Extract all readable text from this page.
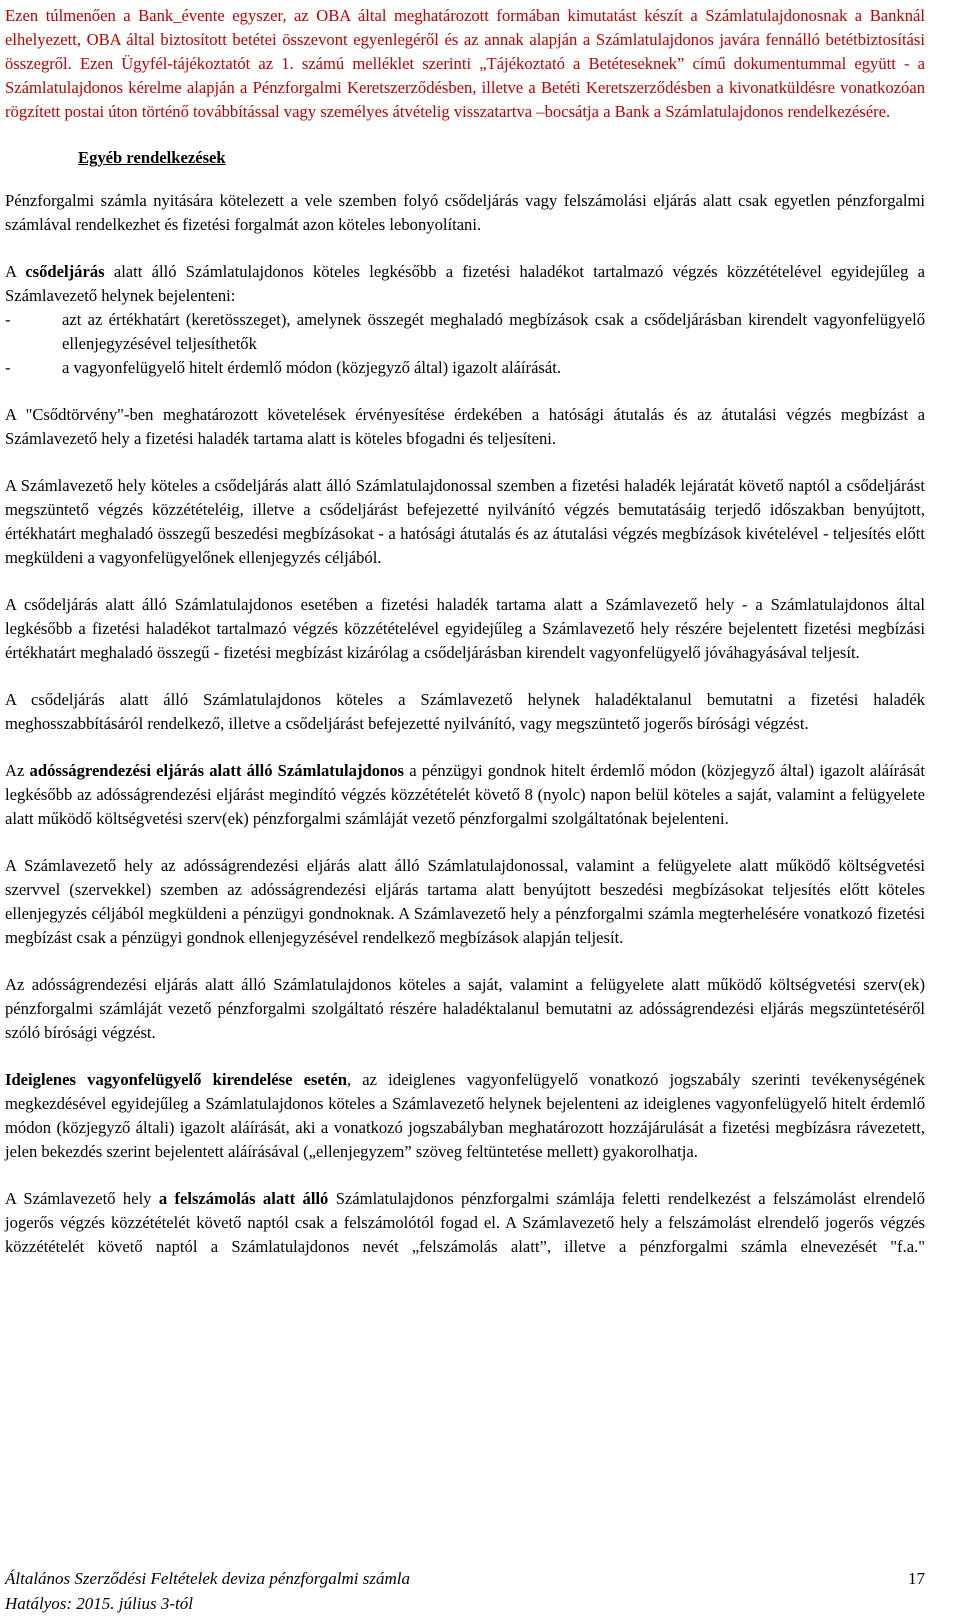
Ezen túlmenően a Bank_évente egyszer, az OBA által meghatározott formában kimutatást készít a Számlatulajdonosnak a Banknál elhelyezett, OBA által biztosított betétei összevont egyenlegéről és az annak alapján a Számlatulajdonos javára fennálló betétbiztosítási összegről. Ezen Ügyfél-tájékoztatót az 1. számú melléklet szerinti „Tájékoztató a Betéteseknek” című dokumentummal együtt - a Számlatulajdonos kérelme alapján a Pénzforgalmi Keretszerződésben, illetve a Betéti Keretszerződésben a kivonatküldésre vonatkozóan rögzített postai úton történő továbbítással vagy személyes átvételig visszatartva –bocsátja a Bank a Számlatulajdonos rendelkezésére.

Egyéb rendelkezések

Pénzforgalmi számla nyitására kötelezett a vele szemben folyó csődeljárás vagy felszámolási eljárás alatt csak egyetlen pénzforgalmi számlával rendelkezhet és fizetési forgalmát azon köteles lebonyolítani.

A csődeljárás alatt álló Számlatulajdonos köteles legkésőbb a fizetési haladékot tartalmazó végzés közzétételével egyidejűleg a Számlavezető helynek bejelenteni:

- azt az értékhatárt (keretösszeget), amelynek összegét meghaladó megbízások csak a csődeljárásban kirendelt vagyonfelügyelő ellenjegyzésével teljesíthetők
- a vagyonfelügyelő hitelt érdemlő módon (közjegyző által) igazolt aláírását.

A "Csődtörvény"-ben meghatározott követelések érvényesítése érdekében a hatósági átutalás és az átutalási végzés megbízást a Számlavezető hely a fizetési haladék tartama alatt is köteles bfogadni és teljesíteni.

A Számlavezető hely köteles a csődeljárás alatt álló Számlatulajdonossal szemben a fizetési haladék lejáratát követő naptól a csődeljárást megszüntető végzés közzétételéig, illetve a csődeljárást befejezetté nyilvánító végzés bemutatásáig terjedő időszakban benyújtott, értékhatárt meghaladó összegű beszedési megbízásokat - a hatósági átutalás és az átutalási végzés megbízások kivételével - teljesítés előtt megküldeni a vagyonfelügyelőnek ellenjegyzés céljából.

A csődeljárás alatt álló Számlatulajdonos esetében a fizetési haladék tartama alatt a Számlavezető hely - a Számlatulajdonos által legkésőbb a fizetési haladékot tartalmazó végzés közzétételével egyidejűleg a Számlavezető hely részére bejelentett fizetési megbízási értékhatárt meghaladó összegű - fizetési megbízást kizárólag a csődeljárásban kirendelt vagyonfelügyelő jóváhagyásával teljesít.

A csődeljárás alatt álló Számlatulajdonos köteles a Számlavezető helynek haladéktalanul bemutatni a fizetési haladék meghosszabbításáról rendelkező, illetve a csődeljárást befejezetté nyilvánító, vagy megszüntető jogerős bírósági végzést.

Az adósságrendezési eljárás alatt álló Számlatulajdonos a pénzügyi gondnok hitelt érdemlő módon (közjegyző által) igazolt aláírását legkésőbb az adósságrendezési eljárást megindító végzés közzétételét követő 8 (nyolc) napon belül köteles a saját, valamint a felügyelete alatt működő költségvetési szerv(ek) pénzforgalmi számláját vezető pénzforgalmi szolgáltatónak bejelenteni.

A Számlavezető hely az adósságrendezési eljárás alatt álló Számlatulajdonossal, valamint a felügyelete alatt működő költségvetési szervvel (szervekkel) szemben az adósságrendezési eljárás tartama alatt benyújtott beszedési megbízásokat teljesítés előtt köteles ellenjegyzés céljából megküldeni a pénzügyi gondnoknak. A Számlavezető hely a pénzforgalmi számla megterhelésére vonatkozó fizetési megbízást csak a pénzügyi gondnok ellenjegyzésével rendelkező megbízások alapján teljesít.

Az adósságrendezési eljárás alatt álló Számlatulajdonos köteles a saját, valamint a felügyelete alatt működő költségvetési szerv(ek) pénzforgalmi számláját vezető pénzforgalmi szolgáltató részére haladéktalanul bemutatni az adósságrendezési eljárás megszüntetéséről szóló bírósági végzést.

Ideiglenes vagyonfelügyelő kirendelése esetén, az ideiglenes vagyonfelügyelő vonatkozó jogszabály szerinti tevékenységének megkezdésével egyidejűleg a Számlatulajdonos köteles a Számlavezető helynek bejelenteni az ideiglenes vagyonfelügyelő hitelt érdemlő módon (közjegyző általi) igazolt aláírását, aki a vonatkozó jogszabályban meghatározott hozzájárulását a fizetési megbízásra rávezetett, jelen bekezdés szerint bejelentett aláírásával („ellenjegyzem” szöveg feltüntetése mellett) gyakorolhatja.

A Számlavezető hely a felszámolás alatt álló Számlatulajdonos pénzforgalmi számlája feletti rendelkezést a felszámolást elrendelő jogerős végzés közzétételét követő naptól csak a felszámolótól fogad el. A Számlavezető hely a felszámolást elrendelő jogerős végzés közzétételét követő naptól a Számlatulajdonos nevét „felszámolás alatt”, illetve a pénzforgalmi számla elnevezését "f.a."

Általános Szerződési Feltételek deviza pénzforgalmi számla	17
Hatályos: 2015. július 3-tól
